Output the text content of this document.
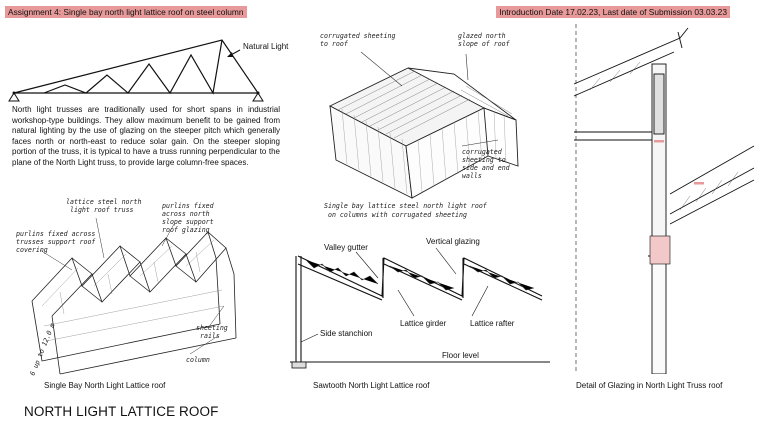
Assignment 4: Single bay north light lattice roof on steel column	Introduction Date 17.02.23, Last date of Submission 03.03.23
Natural Light
North light trusses are traditionally used for short spans in industrial workshop-type buildings. They allow maximum benefit to be gained from natural lighting by the use of glazing on the steeper pitch which generally faces north or north-east to reduce solar gain. On the steeper sloping portion of the truss, it is typical to have a truss running perpendicular to the plane of the North Light truss, to provide large column-free spaces.
corrugated sheeting
to roof
glazed north
slope of roof
corrugated
sheeting to
side and end
walls
Single bay lattice steel north light roof
on columns with corrugated sheeting
lattice steel north
light roof truss	purlins fixed
across north
slope support
roof glazing
purlins fixed across
trusses support roof
covering
sheeting
rails
column
6 up to 12.0 m
Valley gutter
Vertical glazing
Lattice girder	Lattice rafter
Side stanchion
Floor level
Single Bay North Light Lattice roof	Sawtooth North Light Lattice roof	Detail of Glazing in North Light Truss roof
NORTH LIGHT LATTICE ROOF
